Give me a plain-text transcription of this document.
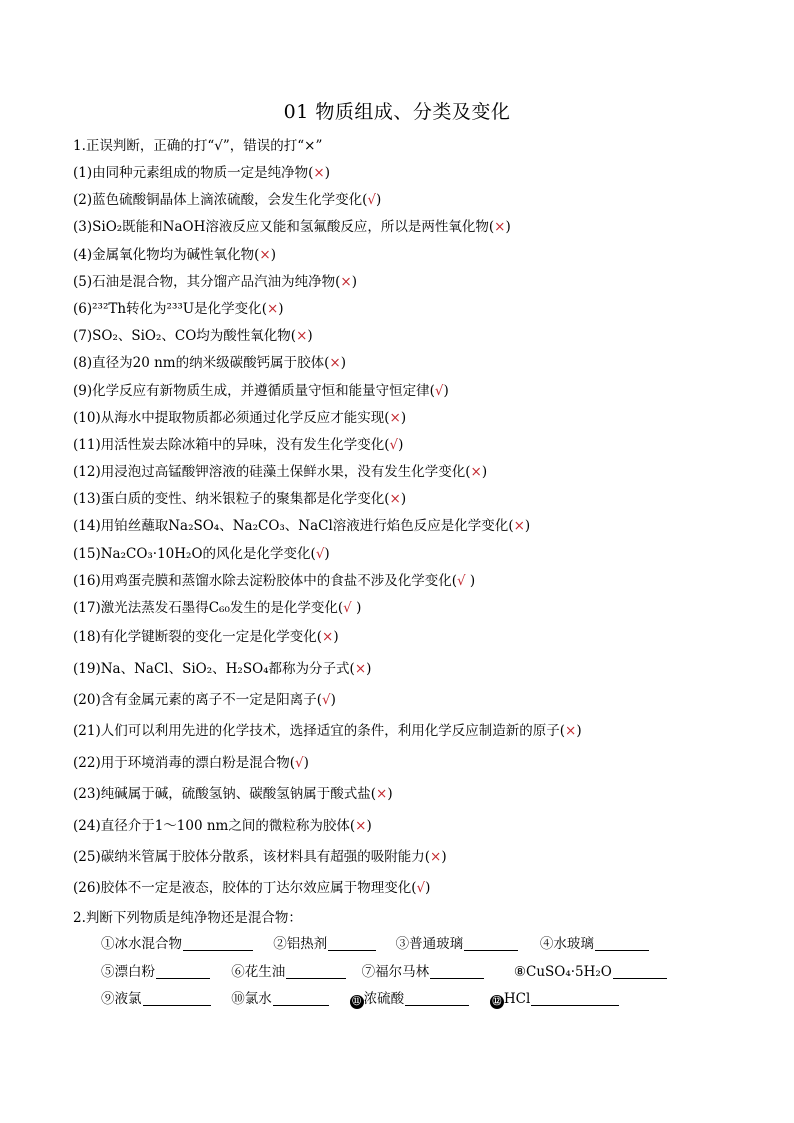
01 物质组成、分类及变化
1.正误判断，正确的打“√”，错误的打“×”
(1)由同种元素组成的物质一定是纯净物(×)
(2)蓝色硫酸铜晶体上滴浓硫酸，会发生化学变化(√)
(3)SiO₂既能和NaOH溶液反应又能和氢氟酸反应，所以是两性氧化物(×)
(4)金属氧化物均为碱性氧化物(×)
(5)石油是混合物，其分馏产品汽油为纯净物(×)
(6)²³²Th转化为²³³U是化学变化(×)
(7)SO₂、SiO₂、CO均为酸性氧化物(×)
(8)直径为20 nm的纳米级碳酸钙属于胶体(×)
(9)化学反应有新物质生成，并遵循质量守恒和能量守恒定律(√)
(10)从海水中提取物质都必须通过化学反应才能实现(×)
(11)用活性炭去除冰箱中的异味，没有发生化学变化(√)
(12)用浸泡过高锰酸钾溶液的硅藻土保鲜水果，没有发生化学变化(×)
(13)蛋白质的变性、纳米银粒子的聚集都是化学变化(×)
(14)用铂丝蘸取Na₂SO₄、Na₂CO₃、NaCl溶液进行焰色反应是化学变化(×)
(15)Na₂CO₃·10H₂O的风化是化学变化(√)
(16)用鸡蛋壳膜和蒸馏水除去淀粉胶体中的食盐不涉及化学变化(√ )
(17)激光法蒸发石墨得C₆₀发生的是化学变化(√ )
(18)有化学键断裂的变化一定是化学变化(×)
(19)Na、NaCl、SiO₂、H₂SO₄都称为分子式(×)
(20)含有金属元素的离子不一定是阳离子(√)
(21)人们可以利用先进的化学技术，选择适宜的条件，利用化学反应制造新的原子(×)
(22)用于环境消毒的漂白粉是混合物(√)
(23)纯碱属于碱，硫酸氢钠、碳酸氢钠属于酸式盐(×)
(24)直径介于1～100 nm之间的微粒称为胶体(×)
(25)碳纳米管属于胶体分散系，该材料具有超强的吸附能力(×)
(26)胶体不一定是液态，胶体的丁达尔效应属于物理变化(√)
2.判断下列物质是纯净物还是混合物：
①冰水混合物	②铝热剂	③普通玻璃	④水玻璃
⑤漂白粉	⑥花生油	⑦福尔马林	⑧CuSO₄·5H₂O
⑨液氯	⑩氯水	⑪ 浓硫酸	⑫ HCl
